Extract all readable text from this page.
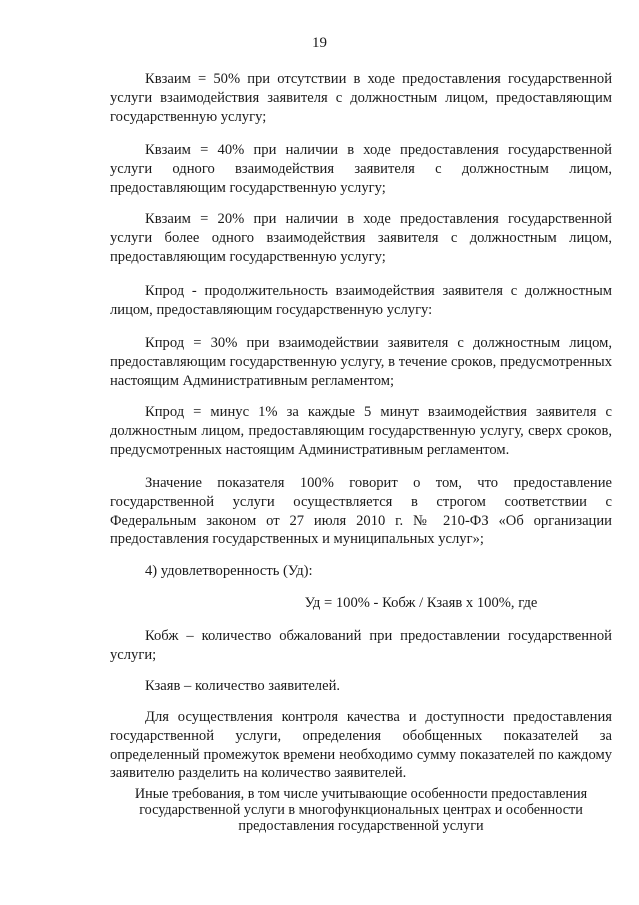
19

Квзаим = 50% при отсутствии в ходе предоставления государственной услуги взаимодействия заявителя с должностным лицом, предоставляющим государственную услугу;

Квзаим = 40% при наличии в ходе предоставления государственной услуги одного взаимодействия заявителя с должностным лицом, предоставляющим государственную услугу;

Квзаим = 20% при наличии в ходе предоставления государственной услуги более одного взаимодействия заявителя с должностным лицом, предоставляющим государственную услугу;

Кпрод - продолжительность взаимодействия заявителя с должностным лицом, предоставляющим государственную услугу:

Кпрод = 30% при взаимодействии заявителя с должностным лицом, предоставляющим государственную услугу, в течение сроков, предусмотренных настоящим Административным регламентом;

Кпрод = минус 1% за каждые 5 минут взаимодействия заявителя с должностным лицом, предоставляющим государственную услугу, сверх сроков, предусмотренных настоящим Административным регламентом.

Значение показателя 100% говорит о том, что предоставление государственной услуги осуществляется в строгом соответствии с Федеральным законом от 27 июля 2010 г. № 210-ФЗ «Об организации предоставления государственных и муниципальных услуг»;

4) удовлетворенность (Уд):

Уд = 100% - Кобж / Кзаяв х 100%, где

Кобж – количество обжалований при предоставлении государственной услуги;

Кзаяв – количество заявителей.

Для осуществления контроля качества и доступности предоставления государственной услуги, определения обобщенных показателей за определенный промежуток времени необходимо сумму показателей по каждому заявителю разделить на количество заявителей.

Иные требования, в том числе учитывающие особенности предоставления государственной услуги в многофункциональных центрах и особенности предоставления государственной услуги
